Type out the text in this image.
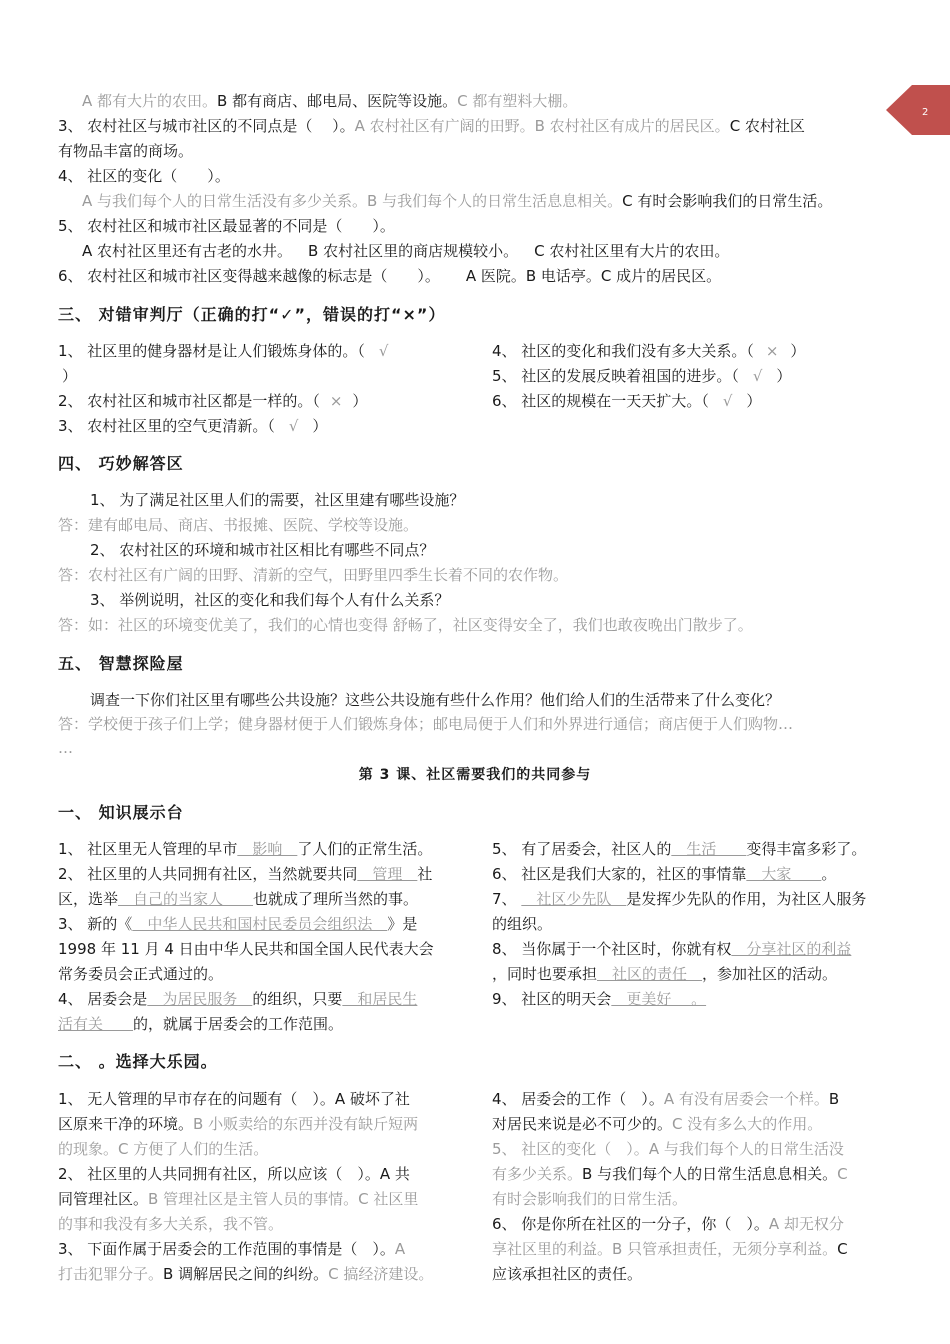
2
A 都有大片的农田。B 都有商店、邮电局、医院等设施。C 都有塑料大棚。
3、 农村社区与城市社区的不同点是（　 ）。A 农村社区有广阔的田野。B 农村社区有成片的居民区。C 农村社区
有物品丰富的商场。
4、 社区的变化（　　）。
A 与我们每个人的日常生活没有多少关系。B 与我们每个人的日常生活息息相关。C 有时会影响我们的日常生活。
5、 农村社区和城市社区最显著的不同是（　　）。
A 农村社区里还有古老的水井。 B 农村社区里的商店规模较小。 C 农村社区里有大片的农田。
6、 农村社区和城市社区变得越来越像的标志是（　　）。 A 医院。B 电话亭。C 成片的居民区。
三、 对错审判厅（正确的打“✓”，错误的打“×”）
1、 社区里的健身器材是让人们锻炼身体的。（ √
）
2、 农村社区和城市社区都是一样的。（ × ）
3、 农村社区里的空气更清新。（ √ ）
4、 社区的变化和我们没有多大关系。（ × ）
5、 社区的发展反映着祖国的进步。（ √ ）
6、 社区的规模在一天天扩大。（ √ ）
四、 巧妙解答区
1、 为了满足社区里人们的需要，社区里建有哪些设施？
答：建有邮电局、商店、书报摊、医院、学校等设施。
2、 农村社区的环境和城市社区相比有哪些不同点？
答：农村社区有广阔的田野、清新的空气，田野里四季生长着不同的农作物。
3、 举例说明，社区的变化和我们每个人有什么关系？
答：如：社区的环境变优美了，我们的心情也变得 舒畅了，社区变得安全了，我们也敢夜晚出门散步了。
五、 智慧探险屋
调查一下你们社区里有哪些公共设施？这些公共设施有些什么作用？他们给人们的生活带来了什么变化？
答：学校便于孩子们上学；健身器材便于人们锻炼身体；邮电局便于人们和外界进行通信；商店便于人们购物…
…
第 3 课、社区需要我们的共同参与
一、 知识展示台
1、 社区里无人管理的早市　影响　了人们的正常生活。
2、 社区里的人共同拥有社区，当然就要共同　管理　社
区，选举　自己的当家人　　也就成了理所当然的事。
3、 新的《　中华人民共和国村民委员会组织法　》是
1998 年 11 月 4 日由中华人民共和国全国人民代表大会
常务委员会正式通过的。
4、 居委会是　为居民服务　的组织，只要　和居民生
活有关　　的，就属于居委会的工作范围。
5、 有了居委会，社区人的　生活　　变得丰富多彩了。
6、 社区是我们大家的，社区的事情靠　大家　　。
7、 　社区少先队　是发挥少先队的作用，为社区人服务
的组织。
8、 当你属于一个社区时，你就有权　分享社区的利益
，同时也要承担　社区的责任　，参加社区的活动。
9、 社区的明天会　更美好　 。
二、 。选择大乐园。
1、 无人管理的早市存在的问题有（　）。A 破坏了社
区原来干净的环境。B 小贩卖给的东西并没有缺斤短两
的现象。C 方便了人们的生活。
2、 社区里的人共同拥有社区，所以应该（　）。A 共
同管理社区。B 管理社区是主管人员的事情。C 社区里
的事和我没有多大关系，我不管。
3、 下面作属于居委会的工作范围的事情是（　）。A
打击犯罪分子。B 调解居民之间的纠纷。C 搞经济建设。
4、 居委会的工作（　）。A 有没有居委会一个样。B
对居民来说是必不可少的。C 没有多么大的作用。
5、 社区的变化（　）。A 与我们每个人的日常生活没
有多少关系。B 与我们每个人的日常生活息息相关。C
有时会影响我们的日常生活。
6、 你是你所在社区的一分子，你（　）。A 却无权分
享社区里的利益。B 只管承担责任，无须分享利益。C
应该承担社区的责任。
